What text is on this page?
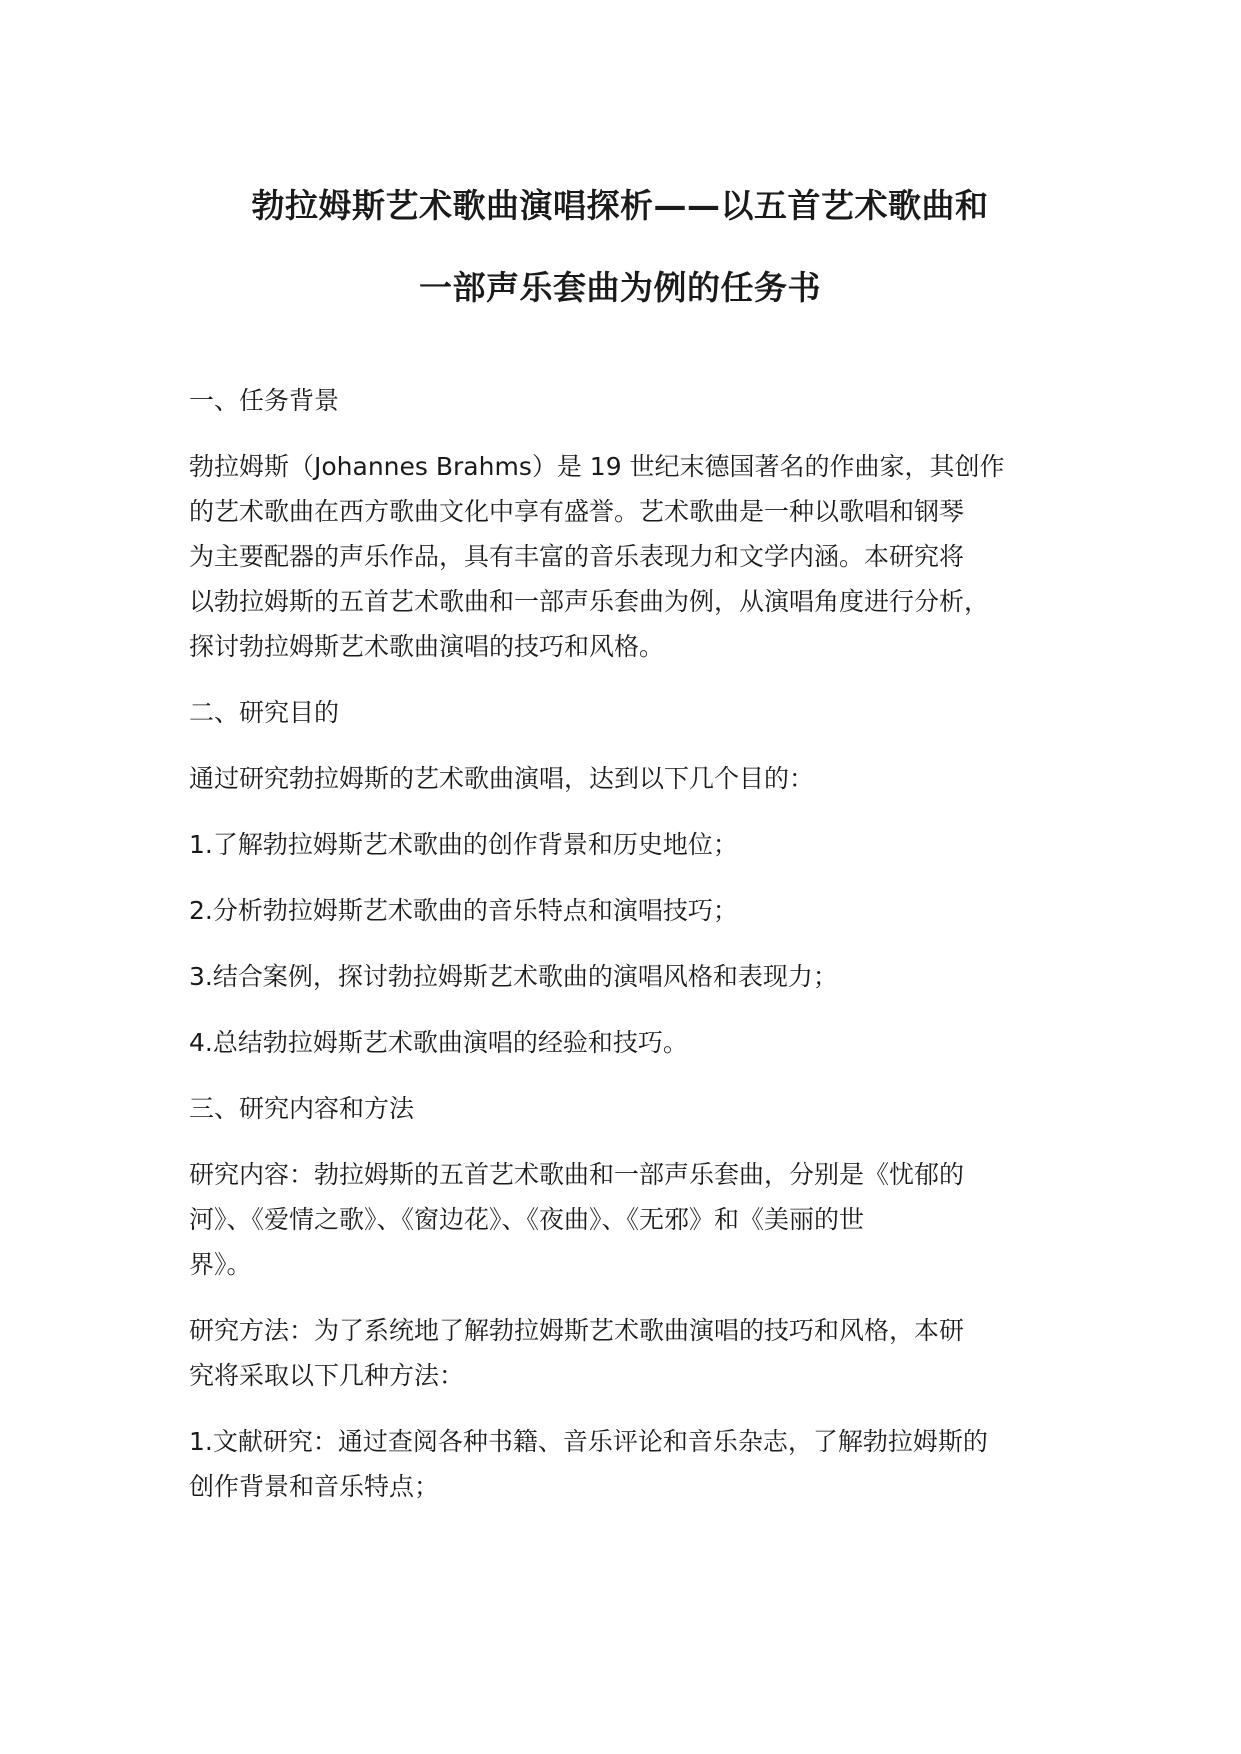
勃拉姆斯艺术歌曲演唱探析——以五首艺术歌曲和
一部声乐套曲为例的任务书
一、任务背景

勃拉姆斯（Johannes Brahms）是 19 世纪末德国著名的作曲家，其创作
的艺术歌曲在西方歌曲文化中享有盛誉。艺术歌曲是一种以歌唱和钢琴
为主要配器的声乐作品，具有丰富的音乐表现力和文学内涵。本研究将
以勃拉姆斯的五首艺术歌曲和一部声乐套曲为例，从演唱角度进行分析，
探讨勃拉姆斯艺术歌曲演唱的技巧和风格。

二、研究目的

通过研究勃拉姆斯的艺术歌曲演唱，达到以下几个目的：

1.了解勃拉姆斯艺术歌曲的创作背景和历史地位；

2.分析勃拉姆斯艺术歌曲的音乐特点和演唱技巧；

3.结合案例，探讨勃拉姆斯艺术歌曲的演唱风格和表现力；

4.总结勃拉姆斯艺术歌曲演唱的经验和技巧。

三、研究内容和方法

研究内容：勃拉姆斯的五首艺术歌曲和一部声乐套曲，分别是《忧郁的
河》、《爱情之歌》、《窗边花》、《夜曲》、《无邪》和《美丽的世
界》。

研究方法：为了系统地了解勃拉姆斯艺术歌曲演唱的技巧和风格，本研
究将采取以下几种方法：

1.文献研究：通过查阅各种书籍、音乐评论和音乐杂志，了解勃拉姆斯的
创作背景和音乐特点；
